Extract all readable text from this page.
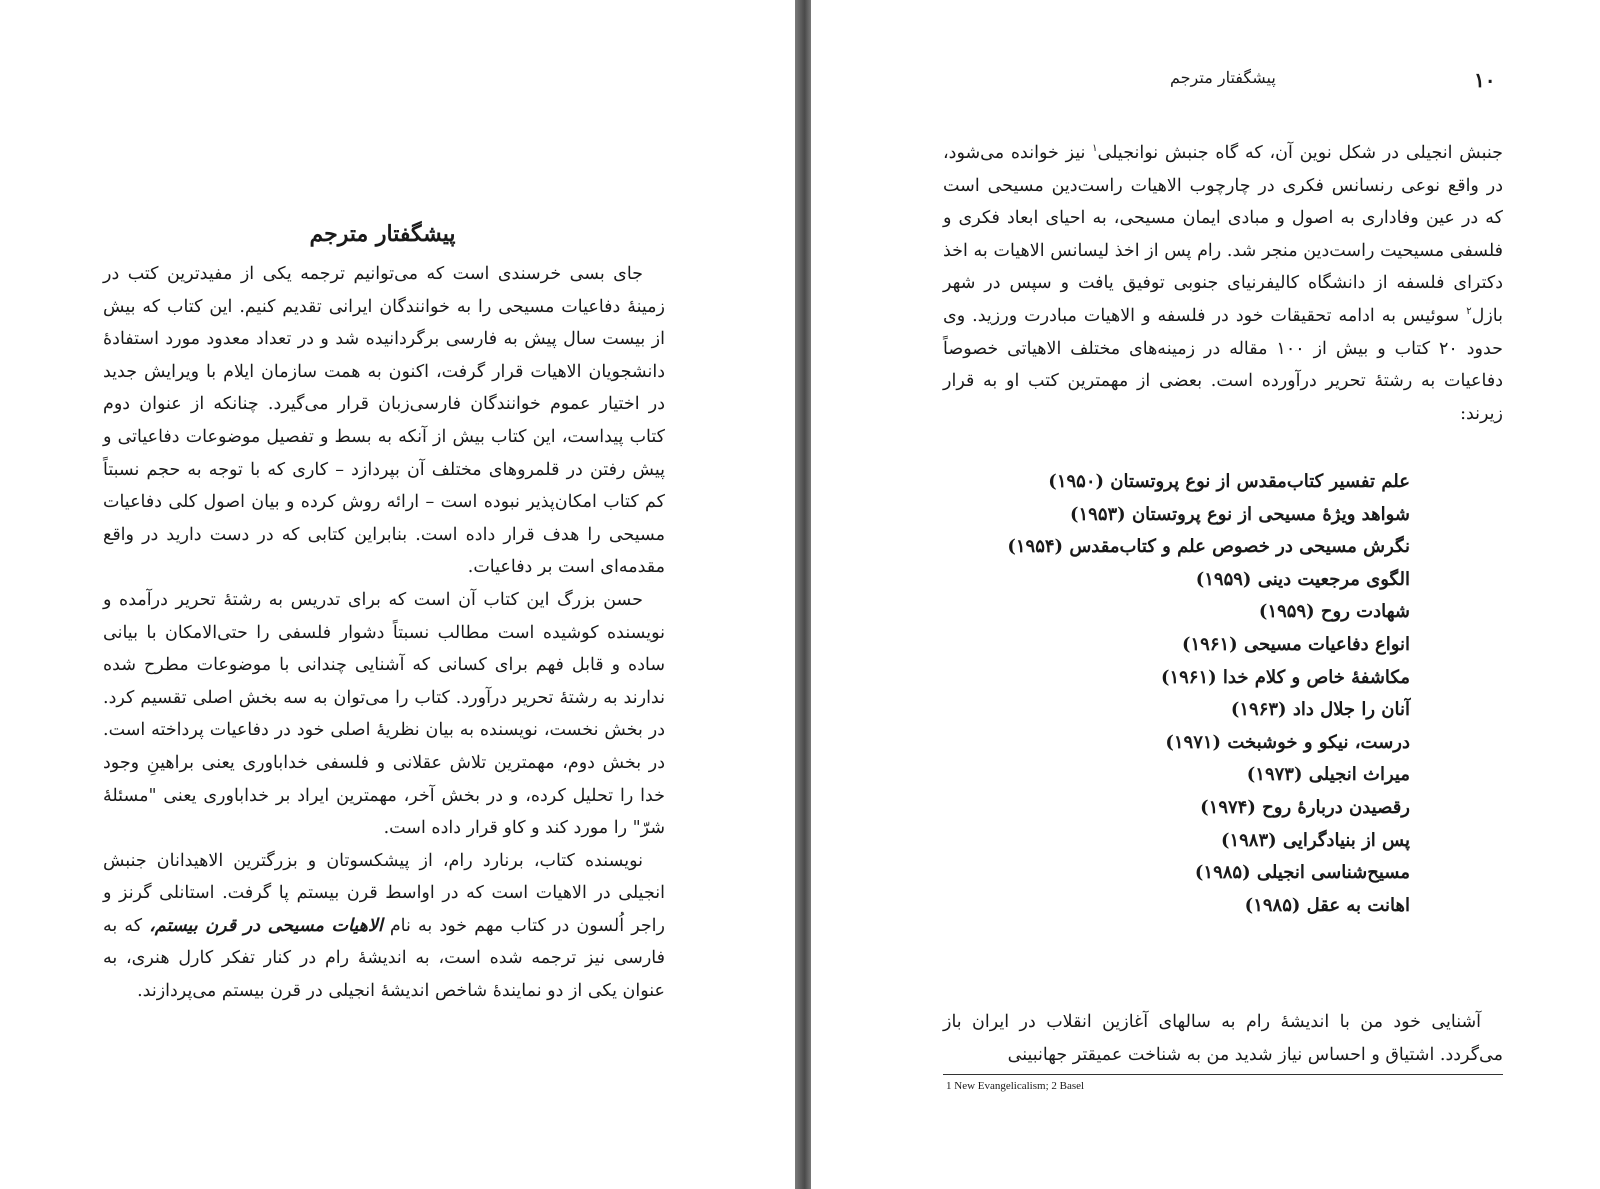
پیشگفتار مترجم

جای بسی خرسندی است که می‌توانیم ترجمه یکی از مفیدترین کتب در زمینهٔ دفاعیات مسیحی را به خوانندگان ایرانی تقدیم کنیم. این کتاب که بیش از بیست سال پیش به فارسی برگردانیده شد و در تعداد معدود مورد استفادهٔ دانشجویان الاهیات قرار گرفت، اکنون به همت سازمان ایلام با ویرایش جدید در اختیار عموم خوانندگان فارسی‌زبان قرار می‌گیرد. چنانکه از عنوان دوم کتاب پیداست، این کتاب بیش از آنکه به بسط و تفصیل موضوعات دفاعیاتی و پیش رفتن در قلمروهای مختلف آن بپردازد – کاری که با توجه به حجم نسبتاً کم کتاب امکان‌پذیر نبوده است – ارائه روش کرده و بیان اصول کلی دفاعیات مسیحی را هدف قرار داده است. بنابراین کتابی که در دست دارید در واقع مقدمه‌ای است بر دفاعیات.

حسن بزرگ این کتاب آن است که برای تدریس به رشتهٔ تحریر درآمده و نویسنده کوشیده است مطالب نسبتاً دشوار فلسفی را حتی‌الامکان با بیانی ساده و قابل فهم برای کسانی که آشنایی چندانی با موضوعات مطرح شده ندارند به رشتهٔ تحریر درآورد. کتاب را می‌توان به سه بخش اصلی تقسیم کرد. در بخش نخست، نویسنده به بیان نظریهٔ اصلی خود در دفاعیات پرداخته است. در بخش دوم، مهمترین تلاش عقلانی و فلسفی خداباوری یعنی براهینِ وجود خدا را تحلیل کرده، و در بخش آخر، مهمترین ایراد بر خداباوری یعنی "مسئلهٔ شرّ" را مورد کند و کاو قرار داده است.

نویسنده کتاب، برنارد رام، از پیشکسوتان و بزرگترین الاهیدانان جنبش انجیلی در الاهیات است که در اواسط قرن بیستم پا گرفت. استانلی گرنز و راجر اُلسون در کتاب مهم خود به نام الاهیات مسیحی در قرن بیستم، که به فارسی نیز ترجمه شده است، به اندیشهٔ رام در کنار تفکر کارل هنری، به عنوان یکی از دو نمایندهٔ شاخص اندیشهٔ انجیلی در قرن بیستم می‌پردازند.

۱۰
پیشگفتار مترجم

جنبش انجیلی در شکل نوین آن، که گاه جنبش نوانجیلی$^۱$ نیز خوانده می‌شود، در واقع نوعی رنسانس فکری در چارچوب الاهیات راست‌دین مسیحی است که در عین وفاداری به اصول و مبادی ایمان مسیحی، به احیای ابعاد فکری و فلسفی مسیحیت راست‌دین منجر شد. رام پس از اخذ لیسانس الاهیات به اخذ دکترای فلسفه از دانشگاه کالیفرنیای جنوبی توفیق یافت و سپس در شهر بازل$^۲$ سوئیس به ادامه تحقیقات خود در فلسفه و الاهیات مبادرت ورزید. وی حدود ۲۰ کتاب و بیش از ۱۰۰ مقاله در زمینه‌های مختلف الاهیاتی خصوصاً دفاعیات به رشتهٔ تحریر درآورده است. بعضی از مهمترین کتب او به قرار زیرند:

علم تفسیر کتاب‌مقدس از نوع پروتستان (۱۹۵۰)
شواهد ویژهٔ مسیحی از نوع پروتستان (۱۹۵۳)
نگرش مسیحی در خصوص علم و کتاب‌مقدس (۱۹۵۴)
الگوی مرجعیت دینی (۱۹۵۹)
شهادت روح (۱۹۵۹)
انواع دفاعیات مسیحی (۱۹۶۱)
مکاشفهٔ خاص و کلام خدا (۱۹۶۱)
آنان را جلال داد (۱۹۶۳)
درست، نیکو و خوشبخت (۱۹۷۱)
میراث انجیلی (۱۹۷۳)
رقصیدن دربارهٔ روح (۱۹۷۴)
پس از بنیادگرایی (۱۹۸۳)
مسیح‌شناسی انجیلی (۱۹۸۵)
اهانت به عقل (۱۹۸۵)

آشنایی خود من با اندیشهٔ رام به سالهای آغازین انقلاب در ایران باز می‌گردد. اشتیاق و احساس نیاز شدید من به شناخت عمیقتر جهانبینی

1 New Evangelicalism; 2 Basel
